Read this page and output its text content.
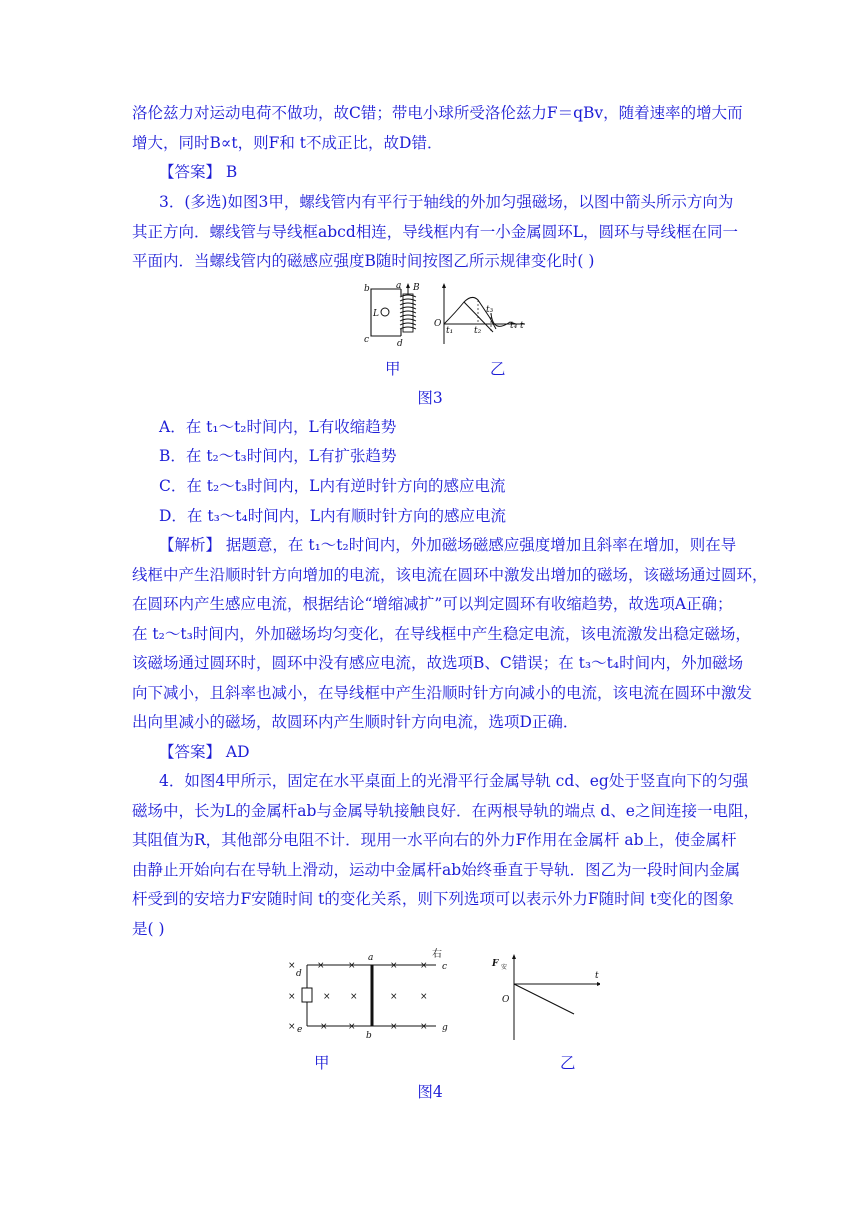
洛伦兹力对运动电荷不做功，故C错；带电小球所受洛伦兹力F＝qBv，随着速率的增大而
增大，同时B∝t，则F和 t不成正比，故D错．
【答案】 B
3．(多选)如图3甲，螺线管内有平行于轴线的外加匀强磁场，以图中箭头所示方向为
其正方向．螺线管与导线框abcd相连，导线框内有一小金属圆环L，圆环与导线框在同一
平面内．当螺线管内的磁感应强度B随时间按图乙所示规律变化时( )
L
b
c
a
d
B
O	t
t₁ t₂
t₃
t₄
甲	乙
图3
A．在 t₁～t₂时间内，L有收缩趋势
B．在 t₂～t₃时间内，L有扩张趋势
C．在 t₂～t₃时间内，L内有逆时针方向的感应电流
D．在 t₃～t₄时间内，L内有顺时针方向的感应电流
【解析】 据题意，在 t₁～t₂时间内，外加磁场磁感应强度增加且斜率在增加，则在导
线框中产生沿顺时针方向增加的电流，该电流在圆环中激发出增加的磁场，该磁场通过圆环，
在圆环内产生感应电流，根据结论“增缩减扩”可以判定圆环有收缩趋势，故选项A正确；
在 t₂～t₃时间内，外加磁场均匀变化，在导线框中产生稳定电流，该电流激发出稳定磁场，
该磁场通过圆环时，圆环中没有感应电流，故选项B、C错误；在 t₃～t₄时间内，外加磁场
向下减小，且斜率也减小，在导线框中产生沿顺时针方向减小的电流，该电流在圆环中激发
出向里减小的磁场，故圆环内产生顺时针方向电流，选项D正确．
【答案】 AD
4．如图4甲所示，固定在水平桌面上的光滑平行金属导轨 cd、eg处于竖直向下的匀强
磁场中，长为L的金属杆ab与金属导轨接触良好．在两根导轨的端点 d、e之间连接一电阻，
其阻值为R，其他部分电阻不计．现用一水平向右的外力F作用在金属杆 ab上，使金属杆
由静止开始向右在导轨上滑动，运动中金属杆ab始终垂直于导轨．图乙为一段时间内金属
杆受到的安培力F安随时间 t的变化关系，则下列选项可以表示外力F随时间 t变化的图象
是( )
× ×	×	× ×
×	× ×	× ×
×	× ×	× ×
d
e
a
b
c
g
右
F 安
O
t
甲	乙
图4
